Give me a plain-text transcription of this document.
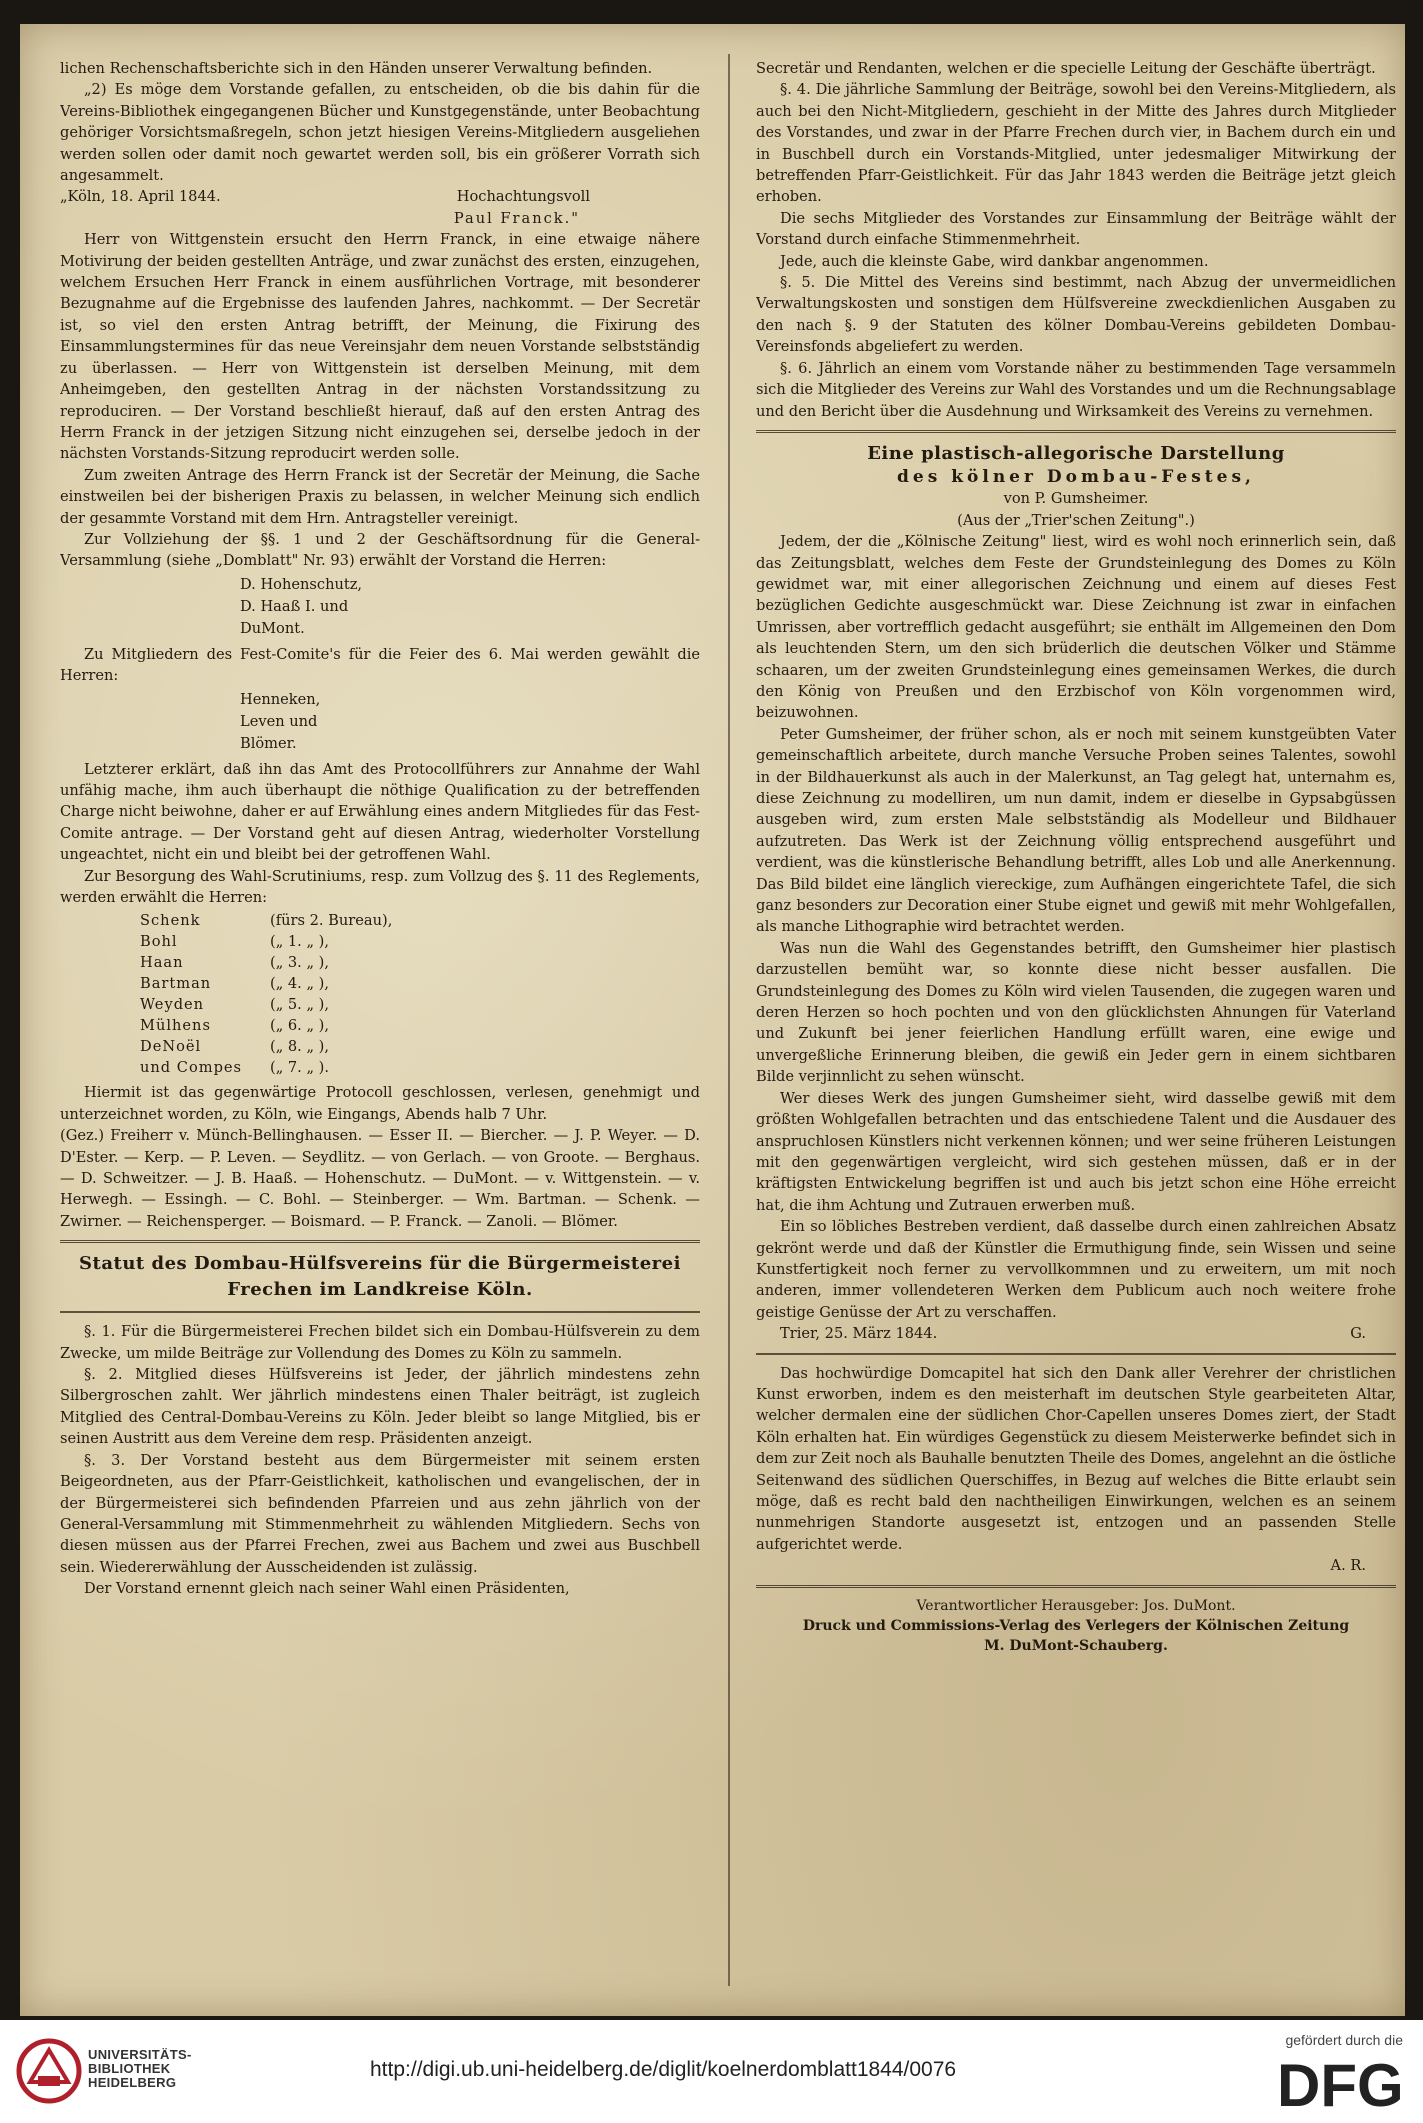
lichen Rechenschaftsberichte sich in den Händen unserer Verwaltung befinden.

„2) Es möge dem Vorstande gefallen, zu entscheiden, ob die bis dahin für die Vereins-Bibliothek eingegangenen Bücher und Kunstgegenstände, unter Beobachtung gehöriger Vorsichtsmaßregeln, schon jetzt hiesigen Vereins-Mitgliedern ausgeliehen werden sollen oder damit noch gewartet werden soll, bis ein größerer Vorrath sich angesammelt.

„Köln, 18. April 1844.	Hochachtungsvoll
Paul Franck."

Herr von Wittgenstein ersucht den Herrn Franck, in eine etwaige nähere Motivirung der beiden gestellten Anträge, und zwar zunächst des ersten, einzugehen, welchem Ersuchen Herr Franck in einem ausführlichen Vortrage, mit besonderer Bezugnahme auf die Ergebnisse des laufenden Jahres, nachkommt. — Der Secretär ist, so viel den ersten Antrag betrifft, der Meinung, die Fixirung des Einsammlungstermines für das neue Vereinsjahr dem neuen Vorstande selbstständig zu überlassen. — Herr von Wittgenstein ist derselben Meinung, mit dem Anheimgeben, den gestellten Antrag in der nächsten Vorstandssitzung zu reproduciren. — Der Vorstand beschließt hierauf, daß auf den ersten Antrag des Herrn Franck in der jetzigen Sitzung nicht einzugehen sei, derselbe jedoch in der nächsten Vorstands-Sitzung reproducirt werden solle.

Zum zweiten Antrage des Herrn Franck ist der Secretär der Meinung, die Sache einstweilen bei der bisherigen Praxis zu belassen, in welcher Meinung sich endlich der gesammte Vorstand mit dem Hrn. Antragsteller vereinigt.

Zur Vollziehung der §§. 1 und 2 der Geschäftsordnung für die General-Versammlung (siehe „Domblatt" Nr. 93) erwählt der Vorstand die Herren:

D. Hohenschutz,
D. Haaß I. und
DuMont.

Zu Mitgliedern des Fest-Comite's für die Feier des 6. Mai werden gewählt die Herren:

Henneken,
Leven und
Blömer.

Letzterer erklärt, daß ihn das Amt des Protocollführers zur Annahme der Wahl unfähig mache, ihm auch überhaupt die nöthige Qualification zu der betreffenden Charge nicht beiwohne, daher er auf Erwählung eines andern Mitgliedes für das Fest-Comite antrage. — Der Vorstand geht auf diesen Antrag, wiederholter Vorstellung ungeachtet, nicht ein und bleibt bei der getroffenen Wahl.

Zur Besorgung des Wahl-Scrutiniums, resp. zum Vollzug des §. 11 des Reglements, werden erwählt die Herren:

Schenk	(fürs 2. Bureau),
Bohl	(„ 1. „ ),
Haan	(„ 3. „ ),
Bartman	(„ 4. „ ),
Weyden	(„ 5. „ ),
Mülhens	(„ 6. „ ),
DeNoël	(„ 8. „ ),
und Compes	(„ 7. „ ).

Hiermit ist das gegenwärtige Protocoll geschlossen, verlesen, genehmigt und unterzeichnet worden, zu Köln, wie Eingangs, Abends halb 7 Uhr.

(Gez.) Freiherr v. Münch-Bellinghausen. — Esser II. — Biercher. — J. P. Weyer. — D. D'Ester. — Kerp. — P. Leven. — Seydlitz. — von Gerlach. — von Groote. — Berghaus. — D. Schweitzer. — J. B. Haaß. — Hohenschutz. — DuMont. — v. Wittgenstein. — v. Herwegh. — Essingh. — C. Bohl. — Steinberger. — Wm. Bartman. — Schenk. — Zwirner. — Reichensperger. — Boismard. — P. Franck. — Zanoli. — Blömer.

Statut des Dombau-Hülfsvereins für die Bürgermeisterei Frechen im Landkreise Köln.

§. 1. Für die Bürgermeisterei Frechen bildet sich ein Dombau-Hülfsverein zu dem Zwecke, um milde Beiträge zur Vollendung des Domes zu Köln zu sammeln.

§. 2. Mitglied dieses Hülfsvereins ist Jeder, der jährlich mindestens zehn Silbergroschen zahlt. Wer jährlich mindestens einen Thaler beiträgt, ist zugleich Mitglied des Central-Dombau-Vereins zu Köln. Jeder bleibt so lange Mitglied, bis er seinen Austritt aus dem Vereine dem resp. Präsidenten anzeigt.

§. 3. Der Vorstand besteht aus dem Bürgermeister mit seinem ersten Beigeordneten, aus der Pfarr-Geistlichkeit, katholischen und evangelischen, der in der Bürgermeisterei sich befindenden Pfarreien und aus zehn jährlich von der General-Versammlung mit Stimmenmehrheit zu wählenden Mitgliedern. Sechs von diesen müssen aus der Pfarrei Frechen, zwei aus Bachem und zwei aus Buschbell sein. Wiedererwählung der Ausscheidenden ist zulässig.

Der Vorstand ernennt gleich nach seiner Wahl einen Präsidenten,

Secretär und Rendanten, welchen er die specielle Leitung der Geschäfte überträgt.

§. 4. Die jährliche Sammlung der Beiträge, sowohl bei den Vereins-Mitgliedern, als auch bei den Nicht-Mitgliedern, geschieht in der Mitte des Jahres durch Mitglieder des Vorstandes, und zwar in der Pfarre Frechen durch vier, in Bachem durch ein und in Buschbell durch ein Vorstands-Mitglied, unter jedesmaliger Mitwirkung der betreffenden Pfarr-Geistlichkeit. Für das Jahr 1843 werden die Beiträge jetzt gleich erhoben.

Die sechs Mitglieder des Vorstandes zur Einsammlung der Beiträge wählt der Vorstand durch einfache Stimmenmehrheit.

Jede, auch die kleinste Gabe, wird dankbar angenommen.

§. 5. Die Mittel des Vereins sind bestimmt, nach Abzug der unvermeidlichen Verwaltungskosten und sonstigen dem Hülfsvereine zweckdienlichen Ausgaben zu den nach §. 9 der Statuten des kölner Dombau-Vereins gebildeten Dombau-Vereinsfonds abgeliefert zu werden.

§. 6. Jährlich an einem vom Vorstande näher zu bestimmenden Tage versammeln sich die Mitglieder des Vereins zur Wahl des Vorstandes und um die Rechnungsablage und den Bericht über die Ausdehnung und Wirksamkeit des Vereins zu vernehmen.

Eine plastisch-allegorische Darstellung
des kölner Dombau-Festes,
von P. Gumsheimer.
(Aus der „Trier'schen Zeitung".)

Jedem, der die „Kölnische Zeitung" liest, wird es wohl noch erinnerlich sein, daß das Zeitungsblatt, welches dem Feste der Grundsteinlegung des Domes zu Köln gewidmet war, mit einer allegorischen Zeichnung und einem auf dieses Fest bezüglichen Gedichte ausgeschmückt war. Diese Zeichnung ist zwar in einfachen Umrissen, aber vortrefflich gedacht ausgeführt; sie enthält im Allgemeinen den Dom als leuchtenden Stern, um den sich brüderlich die deutschen Völker und Stämme schaaren, um der zweiten Grundsteinlegung eines gemeinsamen Werkes, die durch den König von Preußen und den Erzbischof von Köln vorgenommen wird, beizuwohnen.

Peter Gumsheimer, der früher schon, als er noch mit seinem kunstgeübten Vater gemeinschaftlich arbeitete, durch manche Versuche Proben seines Talentes, sowohl in der Bildhauerkunst als auch in der Malerkunst, an Tag gelegt hat, unternahm es, diese Zeichnung zu modelliren, um nun damit, indem er dieselbe in Gypsabgüssen ausgeben wird, zum ersten Male selbstständig als Modelleur und Bildhauer aufzutreten. Das Werk ist der Zeichnung völlig entsprechend ausgeführt und verdient, was die künstlerische Behandlung betrifft, alles Lob und alle Anerkennung. Das Bild bildet eine länglich viereckige, zum Aufhängen eingerichtete Tafel, die sich ganz besonders zur Decoration einer Stube eignet und gewiß mit mehr Wohlgefallen, als manche Lithographie wird betrachtet werden.

Was nun die Wahl des Gegenstandes betrifft, den Gumsheimer hier plastisch darzustellen bemüht war, so konnte diese nicht besser ausfallen. Die Grundsteinlegung des Domes zu Köln wird vielen Tausenden, die zugegen waren und deren Herzen so hoch pochten und von den glücklichsten Ahnungen für Vaterland und Zukunft bei jener feierlichen Handlung erfüllt waren, eine ewige und unvergeßliche Erinnerung bleiben, die gewiß ein Jeder gern in einem sichtbaren Bilde verjinnlicht zu sehen wünscht.

Wer dieses Werk des jungen Gumsheimer sieht, wird dasselbe gewiß mit dem größten Wohlgefallen betrachten und das entschiedene Talent und die Ausdauer des anspruchlosen Künstlers nicht verkennen können; und wer seine früheren Leistungen mit den gegenwärtigen vergleicht, wird sich gestehen müssen, daß er in der kräftigsten Entwickelung begriffen ist und auch bis jetzt schon eine Höhe erreicht hat, die ihm Achtung und Zutrauen erwerben muß.

Ein so löbliches Bestreben verdient, daß dasselbe durch einen zahlreichen Absatz gekrönt werde und daß der Künstler die Ermuthigung finde, sein Wissen und seine Kunstfertigkeit noch ferner zu vervollkommnen und zu erweitern, um mit noch anderen, immer vollendeteren Werken dem Publicum auch noch weitere frohe geistige Genüsse der Art zu verschaffen.

Trier, 25. März 1844.	G.

Das hochwürdige Domcapitel hat sich den Dank aller Verehrer der christlichen Kunst erworben, indem es den meisterhaft im deutschen Style gearbeiteten Altar, welcher dermalen eine der südlichen Chor-Capellen unseres Domes ziert, der Stadt Köln erhalten hat. Ein würdiges Gegenstück zu diesem Meisterwerke befindet sich in dem zur Zeit noch als Bauhalle benutzten Theile des Domes, angelehnt an die östliche Seitenwand des südlichen Querschiffes, in Bezug auf welches die Bitte erlaubt sein möge, daß es recht bald den nachtheiligen Einwirkungen, welchen es an seinem nunmehrigen Standorte ausgesetzt ist, entzogen und an passenden Stelle aufgerichtet werde.

A. R.
Verantwortlicher Herausgeber: Jos. DuMont.
Druck und Commissions-Verlag des Verlegers der Kölnischen Zeitung
M. DuMont-Schauberg.
UNIVERSITÄTS-
BIBLIOTHEK
HEIDELBERG
http://digi.ub.uni-heidelberg.de/diglit/koelnerdomblatt1844/0076
gefördert durch die
DFG
